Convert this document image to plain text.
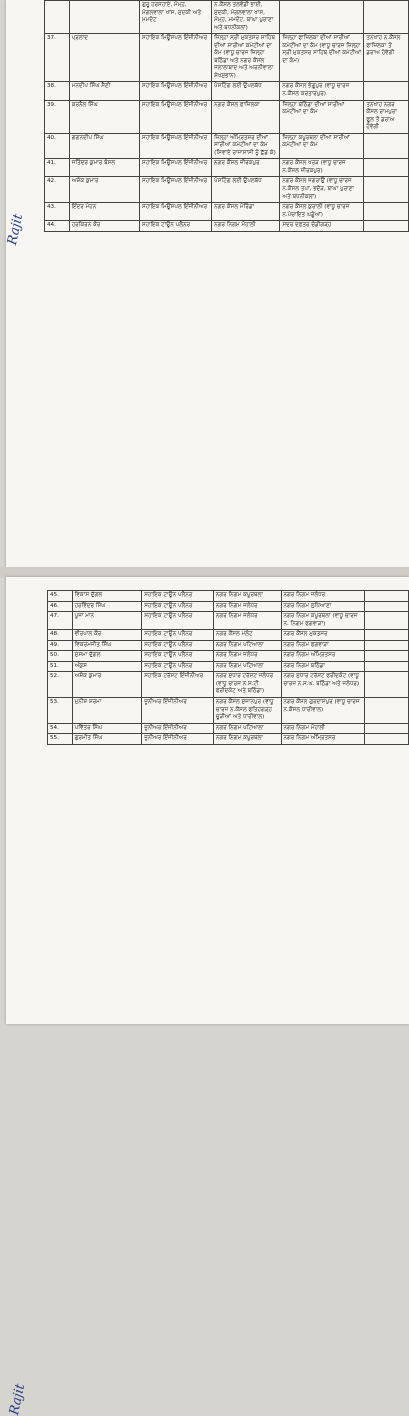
		ਗੁਰੂ ਹਰਸਹਾਏ, ਮੰਮ੍ਹ, ਮੰਗਲਵਾਲਾ ਖਾਸ, ਮੁੱਦਕੀ ਅਤੇ ਮਮਦੋਟ	ਨ.ਕੌਂਸਲ ਤਲਵੰਡੀ ਭਾਈ, ਮੁੱਦਕੀ, ਮੰਗਲਵਾਲਾ ਖਾਸ, ਮੰਮ੍ਹ, ਮਮਦੋਟ, ਬਾਘਾ ਪੁਰਾਣਾ ਅਤੇ ਬਧਨੀਕਲਾਂ)		
37.	ਪ੍ਰਲਾਦ	ਸਹਾਇਕ ਮਿਊਂਸਪਲ ਇੰਜੀਨੀਅਰ	ਜ਼ਿਲ੍ਹਾ ਸ੍ਰੀ ਮੁਕਤਸਰ ਸਾਹਿਬ ਦੀਆਂ ਸਾਰੀਆਂ ਕਮੇਟੀਆਂ ਦਾ ਕੰਮ (ਵਾਧੂ ਚਾਰਜ ਜ਼ਿਲ੍ਹਾ ਬਠਿੰਡਾ ਅਤੇ ਨਗਰ ਕੌਂਸਲ ਜਲਾਲਾਬਾਦ ਅਤੇ ਅਰਨੀਵਾਲਾ ਸ਼ੇਖਸੁਭਾਨ)	ਜ਼ਿਲ੍ਹਾ ਫਾਜ਼ਿਲਕਾ ਦੀਆਂ ਸਾਰੀਆਂ ਕਮੇਟੀਆਂ ਦਾ ਕੰਮ (ਵਾਧੂ ਚਾਰਜ ਜ਼ਿਲ੍ਹਾ ਸ੍ਰੀ ਮੁਕਤਸਰ ਸਾਹਿਬ ਦੀਆਂ ਕਮੇਟੀਆਂ ਦਾ ਕੰਮ)	ਤਨਖਾਹ ਨ.ਕੌਂਸਲ ਫਾਜ਼ਿਲਕਾ ਤੋਂ ਡਰਾਅ ਹੋਵੇਗੀ
38.	ਮਨਦੀਪ ਸਿੰਘ ਸੈਣੀ	ਸਹਾਇਕ ਮਿਊਂਸਪਲ ਇੰਜੀਨੀਅਰ	ਪੋਸਟਿੰਗ ਲਈ ਉਪਲਬੱਧ	ਨਗਰ ਕੌਂਸਲ ਭੇਗੂਪੁਰ (ਵਾਧੂ ਚਾਰਜ ਨ.ਕੌਂਸਲ ਕਰਤਾਰਪੁਰ)	
39.	ਕਰਨੈਲ ਸਿੰਘ	ਸਹਾਇਕ ਮਿਊਂਸਪਲ ਇੰਜੀਨੀਅਰ	ਨਗਰ ਕੌਂਸਲ ਫਾਜ਼ਿਲਕਾ	ਜ਼ਿਲ੍ਹਾ ਬਠਿੰਡਾ ਦੀਆਂ ਸਾਰੀਆਂ ਕਮੇਟੀਆਂ ਦਾ ਕੰਮ	ਤਨਖਾਹ ਨਗਰ ਕੌਂਸਲ ਰਾਮਪੁਰਾ ਫੂਲ ਤੋਂ ਡਰਾਅ ਹੋਵੇਗੀ
40.	ਗਗਨਦੀਪ ਸਿੰਘ	ਸਹਾਇਕ ਮਿਊਂਸਪਲ ਇੰਜੀਨੀਅਰ	ਜ਼ਿਲ੍ਹਾ ਅੰਮ੍ਰਿਤਸਰ ਦੀਆਂ ਸਾਰੀਆਂ ਕਮੇਟੀਆਂ ਦਾ ਕੰਮ (ਸਿਵਾਏ ਰਾਜਾਸਾਂਸੀ ਨੂੰ ਛੱਡ ਕੇ)	ਜ਼ਿਲ੍ਹਾ ਕਪੂਰਥਲਾ ਦੀਆਂ ਸਾਰੀਆਂ ਕਮੇਟੀਆਂ ਦਾ ਕੰਮ	
41.	ਜਤਿੰਦਰ ਕੁਮਾਰ ਬੰਸਲ	ਸਹਾਇਕ ਮਿਊਂਸਪਲ ਇੰਜੀਨੀਅਰ	ਨਗਰ ਕੌਂਸਲ ਜ਼ੀਰਕਪੁਰ	ਨਗਰ ਕੌਂਸਲ ਖਰੜ (ਵਾਧੂ ਚਾਰਜ ਨ.ਕੌਂਸਲ ਜ਼ੀਰਕਪੁਰ)	
42.	ਅਸ਼ੋਕ ਕੁਮਾਰ	ਸਹਾਇਕ ਮਿਊਂਸਪਲ ਇੰਜੀਨੀਅਰ	ਪੋਸਟਿੰਗ ਲਈ ਉਪਲਬੱਧ	ਨਗਰ ਕੌਂਸਲ ਜਗਰਾਉਂ (ਵਾਧੂ ਚਾਰਜ ਨ.ਕੌਂਸਲ ਤਪਾ, ਭਦੌੜ, ਬਾਘਾ ਪੁਰਾਣਾ ਅਤੇ ਬਧਨੀਕਲਾਂ)	
43.	ਇੰਦਰ ਮੋਹਨ	ਸਹਾਇਕ ਮਿਊਂਸਪਲ ਇੰਜੀਨੀਅਰ	ਨਗਰ ਕੌਂਸਲ ਮੋਰਿੰਡਾ	ਨਗਰ ਕੌਂਸਲ ਕੁਰਾਲੀ (ਵਾਧੂ ਚਾਰਜ ਨ.ਪੰਚਾਇਤ ਘੜੂੰਆਂ)	
44.	ਹਰਕਿਰਨ ਕੌਰ	ਸਹਾਇਕ ਟਾਊਨ ਪਲੈਨਰ	ਨਗਰ ਨਿਗਮ ਮੋਹਾਲੀ	ਸਦਰ ਦਫ਼ਤਰ ਚੰਡੀਗੜ੍ਹ	
Rajit
45.	ਵਿਕਾਸ ਦੁੱਗਲ	ਸਹਾਇਕ ਟਾਊਨ ਪਲੈਨਰ	ਨਗਰ ਨਿਗਮ ਕਪੂਰਥਲਾ	ਨਗਰ ਨਿਗਮ ਜਲੰਧਰ	
46.	ਹਰਵਿੰਦਰ ਸਿੰਘ	ਸਹਾਇਕ ਟਾਊਨ ਪਲੈਨਰ	ਨਗਰ ਨਿਗਮ ਜਲੰਧਰ	ਨਗਰ ਨਿਗਮ ਲੁਧਿਆਣਾ	
47.	ਪੂਜਾ ਮਾਨ	ਸਹਾਇਕ ਟਾਊਨ ਪਲੈਨਰ	ਨਗਰ ਨਿਗਮ ਜਲੰਧਰ	ਨਗਰ ਨਿਗਮ ਕਪੂਰਥਲਾ (ਵਾਧੂ ਚਾਰਜ ਨ. ਨਿਗਮ ਫਗਵਾੜਾ)	
48.	ਵੀਰਪਾਲ ਕੌਰ	ਸਹਾਇਕ ਟਾਊਨ ਪਲੈਨਰ	ਨਗਰ ਕੌਂਸਲ ਮਲੋਟ	ਨਗਰ ਕੌਂਸਲ ਮੁਕਤਸਰ	
49.	ਵਿਕਰਮਜੀਤ ਸਿੰਘ	ਸਹਾਇਕ ਟਾਊਨ ਪਲੈਨਰ	ਨਗਰ ਨਿਗਮ ਪਟਿਆਲਾ	ਨਗਰ ਨਿਗਮ ਫਗਵਾੜਾ	
50.	ਸੁਸਮਾ ਦੁੱਗਲ	ਸਹਾਇਕ ਟਾਊਨ ਪਲੈਨਰ	ਨਗਰ ਨਿਗਮ ਜਲੰਧਰ	ਨਗਰ ਨਿਗਮ ਅੰਮ੍ਰਿਤਸਰ	
51.	ਅੰਕੁਸ਼	ਸਹਾਇਕ ਟਾਊਨ ਪਲੈਨਰ	ਨਗਰ ਨਿਗਮ ਪਟਿਆਲਾ	ਨਗਰ ਨਿਗਮ ਬਠਿੰਡਾ	
52.	ਅਸ਼ੋਕ ਕੁਮਾਰ	ਸਹਾਇਕ ਟਰੱਸਟ ਇੰਜੀਨੀਅਰ	ਨਗਰ ਸੁਧਾਰ ਟਰੱਸਟ ਜਲੰਧਰ (ਵਾਧੂ ਚਾਰਜ ਨ.ਸ.ਟੀ ਫਰੀਦਕੋਟ ਅਤੇ ਬਠਿੰਡਾ)	ਨਗਰ ਸੁਧਾਰ ਟਰੱਸਟ ਫਰੀਦਕੋਟ (ਵਾਧੂ ਚਾਰਜ ਨ.ਸ.ਘ. ਬਠਿੰਡਾ ਅਤੇ ਜਲੰਧਰ)	
53.	ਮੁਨੀਸ਼ ਸ਼ਰਮਾ	ਜੂਨੀਅਰ ਇੰਜੀਨੀਅਰ	ਨਗਰ ਕੌਂਸਲ ਸੁਜਾਨਪੁਰ (ਵਾਧੂ ਚਾਰਜ ਨ.ਕੌਂਸਲ ਫਤਿਹਗੜ੍ਹ ਚੂੜੀਆਂ ਅਤੇ ਧਾਰੀਵਾਲ)	ਨਗਰ ਕੌਂਸਲ ਗੁਰਦਾਸਪੁਰ (ਵਾਧੂ ਚਾਰਜ ਨ.ਕੌਂਸਲ ਧਾਰੀਵਾਲ)	
54.	ਪਵਿੱਤਰ ਸਿੰਘ	ਜੂਨੀਅਰ ਇੰਜੀਨੀਅਰ	ਨਗਰ ਨਿਗਮ ਪਟਿਆਲਾ	ਨਗਰ ਨਿਗਮ ਮੋਹਾਲੀ	
55.	ਗੁਰਮੀਤ ਸਿੰਘ	ਜੂਨੀਅਰ ਇੰਜੀਨੀਅਰ	ਨਗਰ ਨਿਗਮ ਕਪੂਰਥਲਾ	ਨਗਰ ਨਿਗਮ ਅੰਮ੍ਰਿਤਸਰ	
Rajit
